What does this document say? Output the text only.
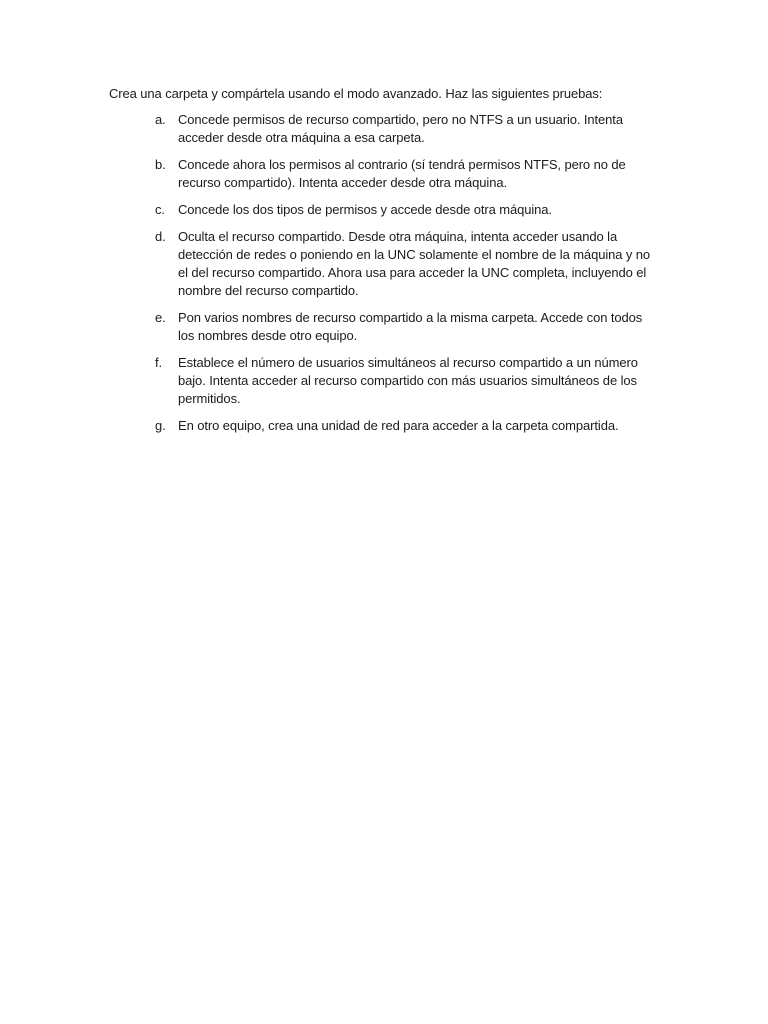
Crea una carpeta y compártela usando el modo avanzado. Haz las siguientes pruebas:

a. Concede permisos de recurso compartido, pero no NTFS a un usuario. Intenta acceder desde otra máquina a esa carpeta.
b. Concede ahora los permisos al contrario (sí tendrá permisos NTFS, pero no de recurso compartido). Intenta acceder desde otra máquina.
c.	Concede los dos tipos de permisos y accede desde otra máquina.
d. Oculta el recurso compartido. Desde otra máquina, intenta acceder usando la detección de redes o poniendo en la UNC solamente el nombre de la máquina y no el del recurso compartido. Ahora usa para acceder la UNC completa, incluyendo el nombre del recurso compartido.
e. Pon varios nombres de recurso compartido a la misma carpeta. Accede con todos los nombres desde otro equipo.
f.	Establece el número de usuarios simultáneos al recurso compartido a un número bajo. Intenta acceder al recurso compartido con más usuarios simultáneos de los permitidos.
g. En otro equipo, crea una unidad de red para acceder a la carpeta compartida.
